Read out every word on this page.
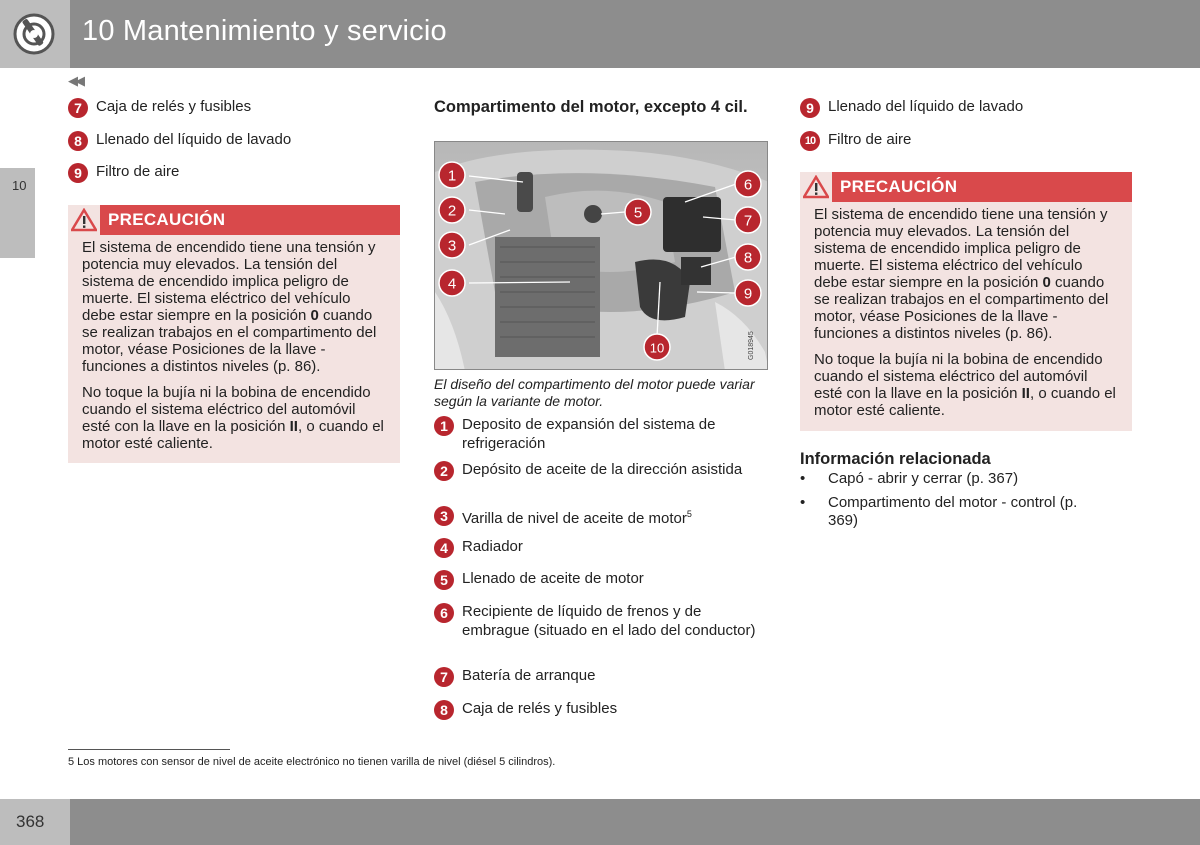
10 Mantenimiento y servicio
◀◀
10
7 Caja de relés y fusibles
8 Llenado del líquido de lavado
9 Filtro de aire
PRECAUCIÓN

El sistema de encendido tiene una tensión y potencia muy elevados. La tensión del sistema de encendido implica peligro de muerte. El sistema eléctrico del vehículo debe estar siempre en la posición 0 cuando se realizan trabajos en el compartimento del motor, véase Posiciones de la llave - funciones a distintos niveles (p. 86).

No toque la bujía ni la bobina de encendido cuando el sistema eléctrico del automóvil esté con la llave en la posición II, o cuando el motor esté caliente.

Compartimento del motor, excepto 4 cil.
1
2
3
4
5
6
7
8
9
10	G018945
El diseño del compartimento del motor puede variar según la variante de motor.
1 Deposito de expansión del sistema de refrigeración
2 Depósito de aceite de la dirección asistida
3 Varilla de nivel de aceite de motor$^5$
4 Radiador
5 Llenado de aceite de motor
6 Recipiente de líquido de frenos y de embrague (situado en el lado del conductor)
7 Batería de arranque
8 Caja de relés y fusibles
9 Llenado del líquido de lavado
10 Filtro de aire
PRECAUCIÓN

El sistema de encendido tiene una tensión y potencia muy elevados. La tensión del sistema de encendido implica peligro de muerte. El sistema eléctrico del vehículo debe estar siempre en la posición 0 cuando se realizan trabajos en el compartimento del motor, véase Posiciones de la llave - funciones a distintos niveles (p. 86).

No toque la bujía ni la bobina de encendido cuando el sistema eléctrico del automóvil esté con la llave en la posición II, o cuando el motor esté caliente.

Información relacionada
•	Capó - abrir y cerrar (p. 367)
•	Compartimento del motor - control (p. 369)
5 Los motores con sensor de nivel de aceite electrónico no tienen varilla de nivel (diésel 5 cilindros).
368
